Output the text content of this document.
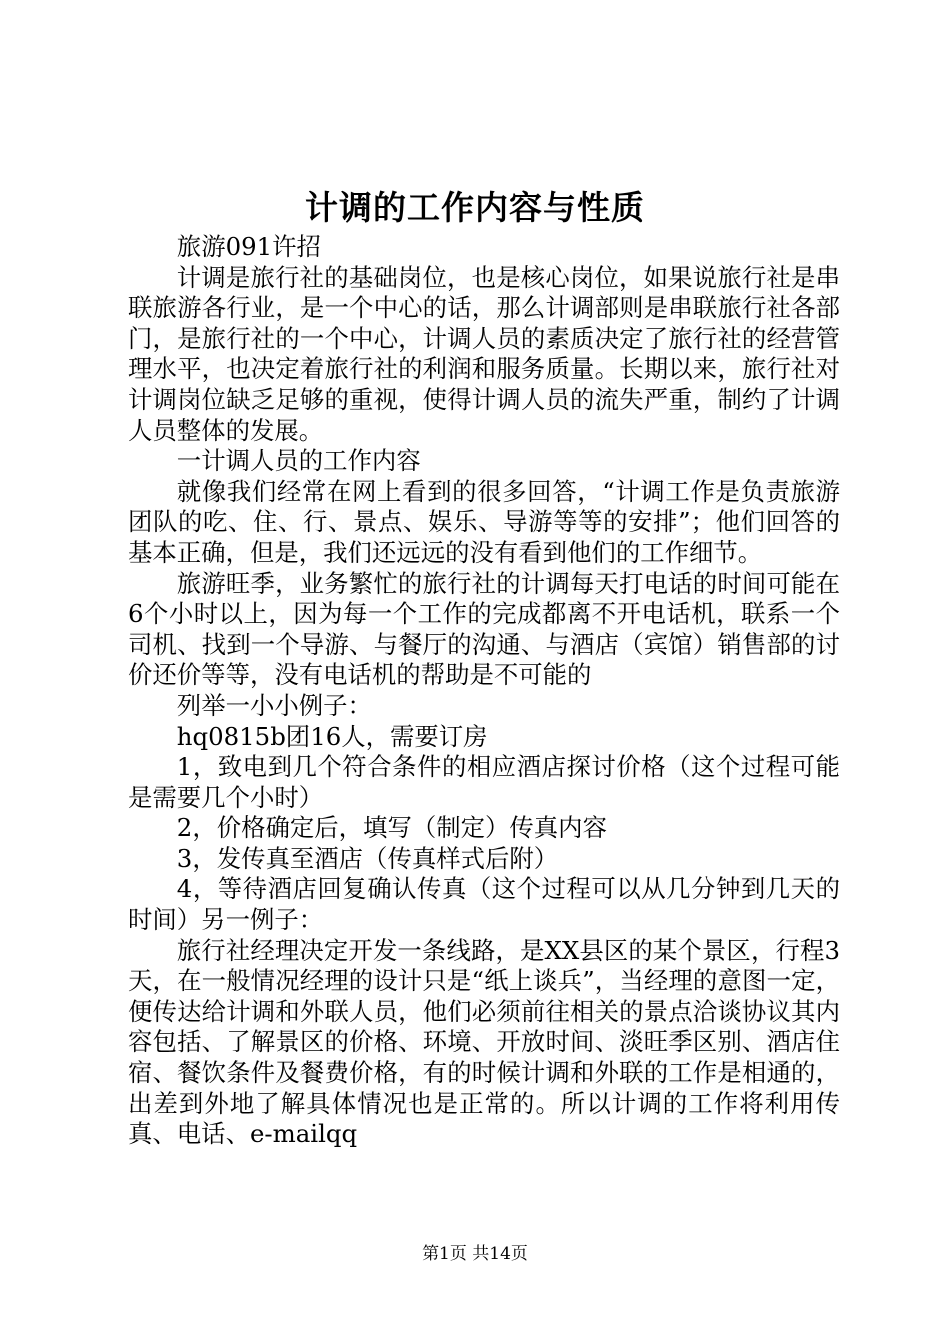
计调的工作内容与性质

旅游091许招

计调是旅行社的基础岗位，也是核心岗位，如果说旅行社是串联旅游各行业，是一个中心的话，那么计调部则是串联旅行社各部门，是旅行社的一个中心，计调人员的素质决定了旅行社的经营管理水平，也决定着旅行社的利润和服务质量。长期以来，旅行社对计调岗位缺乏足够的重视，使得计调人员的流失严重，制约了计调人员整体的发展。

一计调人员的工作内容

就像我们经常在网上看到的很多回答，“计调工作是负责旅游团队的吃、住、行、景点、娱乐、导游等等的安排”；他们回答的基本正确，但是，我们还远远的没有看到他们的工作细节。

旅游旺季，业务繁忙的旅行社的计调每天打电话的时间可能在6个小时以上，因为每一个工作的完成都离不开电话机，联系一个司机、找到一个导游、与餐厅的沟通、与酒店（宾馆）销售部的讨价还价等等，没有电话机的帮助是不可能的

列举一小小例子：

hq0815b团16人，需要订房

1，致电到几个符合条件的相应酒店探讨价格（这个过程可能是需要几个小时）

2，价格确定后，填写（制定）传真内容

3，发传真至酒店（传真样式后附）

4，等待酒店回复确认传真（这个过程可以从几分钟到几天的时间）另一例子：

旅行社经理决定开发一条线路，是XX县区的某个景区，行程3天，在一般情况经理的设计只是“纸上谈兵”，当经理的意图一定，便传达给计调和外联人员，他们必须前往相关的景点洽谈协议其内容包括、了解景区的价格、环境、开放时间、淡旺季区别、酒店住宿、餐饮条件及餐费价格，有的时候计调和外联的工作是相通的，出差到外地了解具体情况也是正常的。所以计调的工作将利用传真、电话、e-mailqq

第1页 共14页
